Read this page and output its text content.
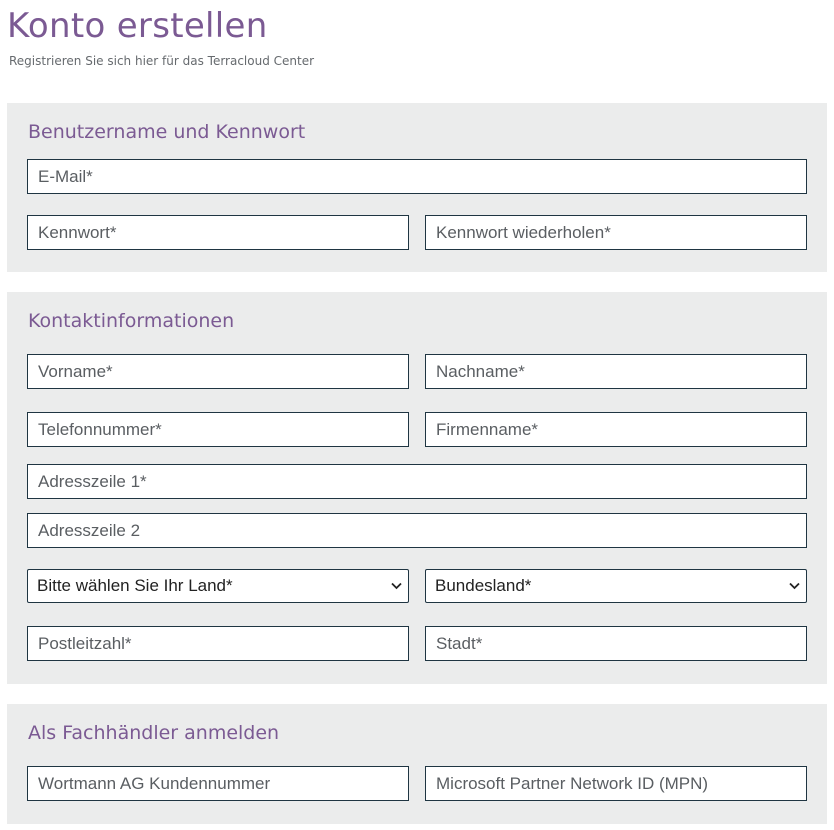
Konto erstellen
Registrieren Sie sich hier für das Terracloud Center
Benutzername und Kennwort
E-Mail*
Kontaktinformationen
Vorname*
Nachname*
Telefonnummer*
Firmenname*
Adresszeile 1*
Adresszeile 2
Bitte wählen Sie Ihr Land*	Bundesland*
Postleitzahl*
Stadt*
Als Fachhändler anmelden
Wortmann AG Kundennummer
Microsoft Partner Network ID (MPN)
